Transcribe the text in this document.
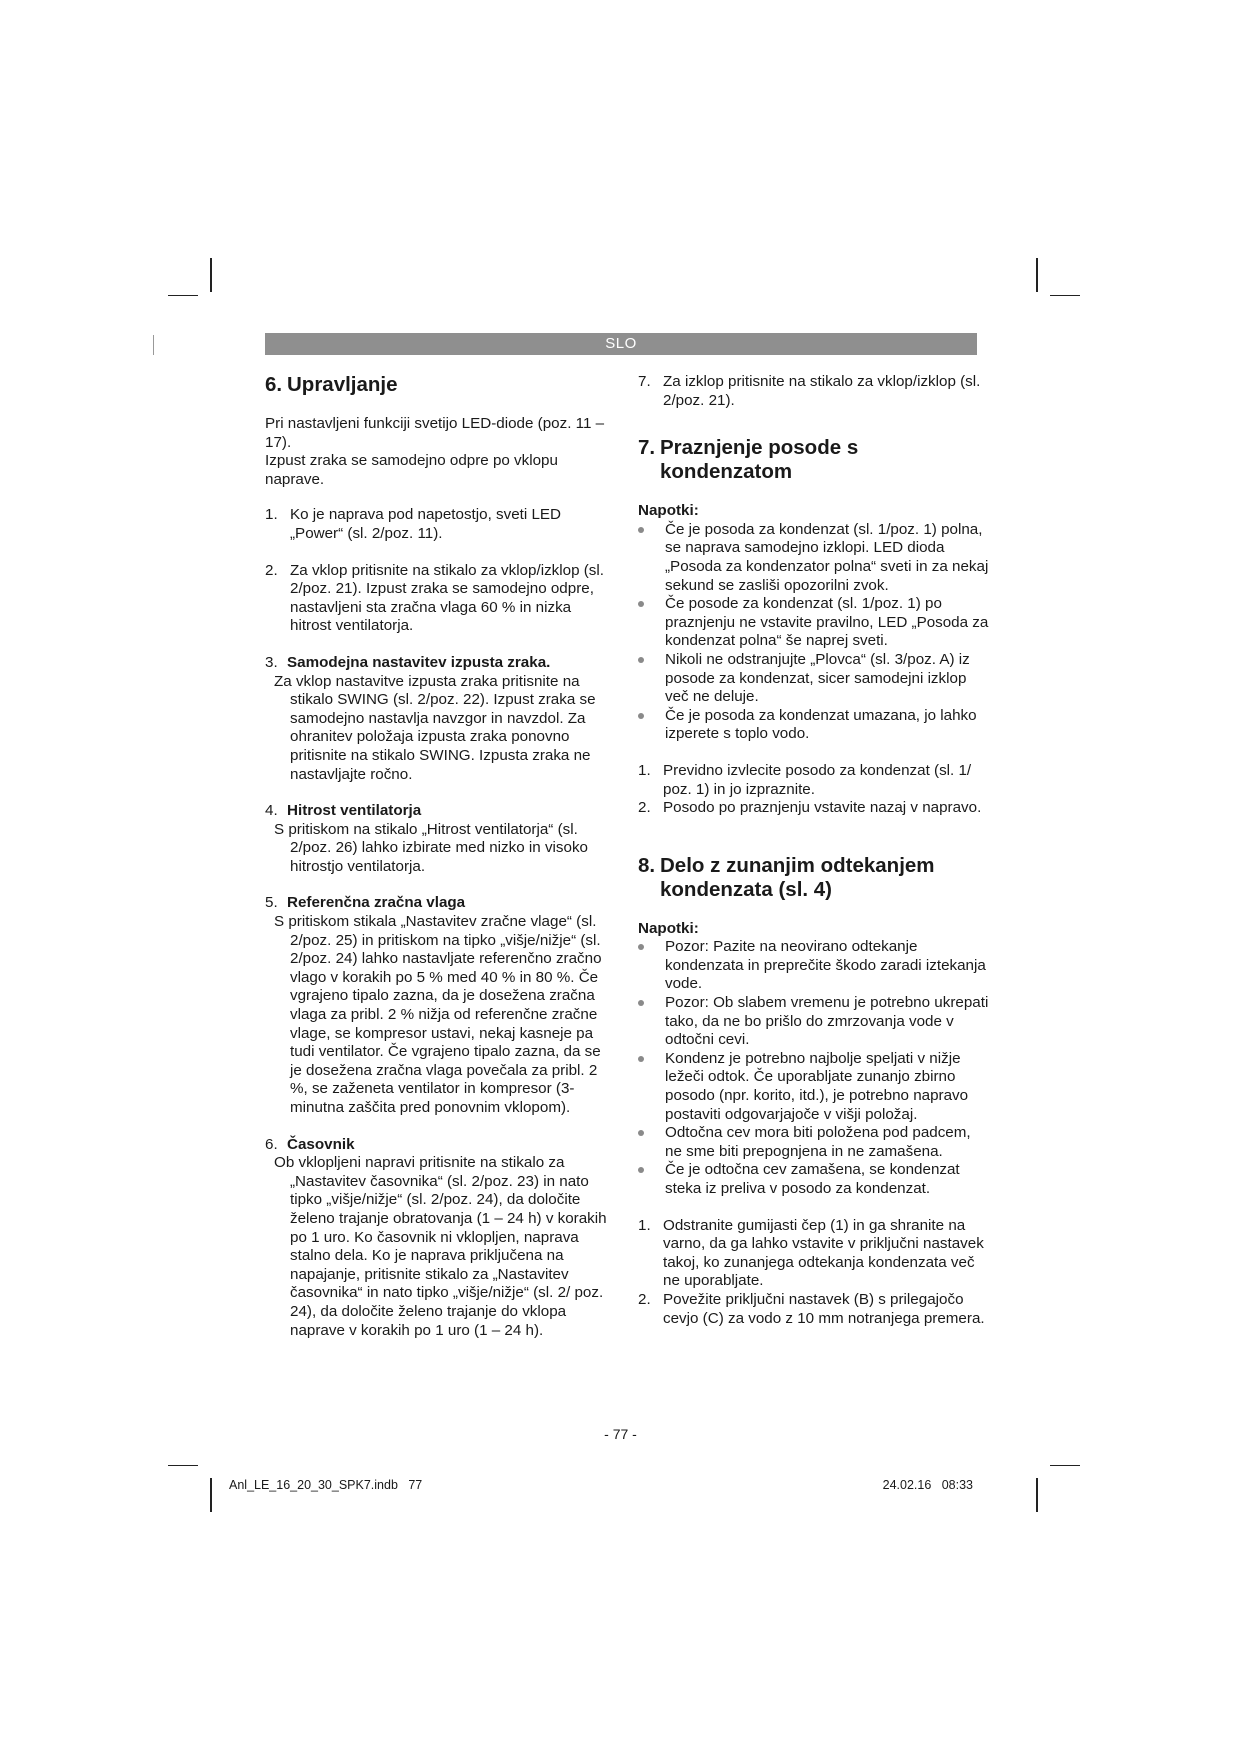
SLO
6. Upravljanje

Pri nastavljeni funkciji svetijo LED-diode (poz. 11 – 17).

Izpust zraka se samodejno odpre po vklopu naprave.

1. Ko je naprava pod napetostjo, sveti LED „Power“ (sl. 2/poz. 11).
2. Za vklop pritisnite na stikalo za vklop/izklop (sl. 2/poz. 21). Izpust zraka se samodejno odpre, nastavljeni sta zračna vlaga 60 % in nizka hitrost ventilatorja.
3. Samodejna nastavitev izpusta zraka.
Za vklop nastavitve izpusta zraka pritisnite na stikalo SWING (sl. 2/poz. 22). Izpust zraka se samodejno nastavlja navzgor in navzdol. Za ohranitev položaja izpusta zraka ponovno pritisnite na stikalo SWING. Izpusta zraka ne nastavljajte ročno.
4. Hitrost ventilatorja
S pritiskom na stikalo „Hitrost ventilatorja“ (sl. 2/poz. 26) lahko izbirate med nizko in visoko hitrostjo ventilatorja.
5. Referenčna zračna vlaga
S pritiskom stikala „Nastavitev zračne vlage“ (sl. 2/poz. 25) in pritiskom na tipko „višje/nižje“ (sl. 2/poz. 24) lahko nastavljate referenčno zračno vlago v korakih po 5 % med 40 % in 80 %. Če vgrajeno tipalo zazna, da je dosežena zračna vlaga za pribl. 2 % nižja od referenčne zračne vlage, se kompresor ustavi, nekaj kasneje pa tudi ventilator. Če vgrajeno tipalo zazna, da se je dosežena zračna vlaga povečala za pribl. 2 %, se zaženeta ventilator in kompresor (3-minutna zaščita pred ponovnim vklopom).
6. Časovnik
Ob vklopljeni napravi pritisnite na stikalo za „Nastavitev časovnika“ (sl. 2/poz. 23) in nato tipko „višje/nižje“ (sl. 2/poz. 24), da določite želeno trajanje obratovanja (1 – 24 h) v korakih po 1 uro. Ko časovnik ni vklopljen, naprava stalno dela. Ko je naprava priključena na napajanje, pritisnite stikalo za „Nastavitev časovnika“ in nato tipko „višje/nižje“ (sl. 2/ poz. 24), da določite želeno trajanje do vklopa naprave v korakih po 1 uro (1 – 24 h).
7. Za izklop pritisnite na stikalo za vklop/izklop (sl. 2/poz. 21).
7. Praznjenje posode s
kondenzatom

Napotki:

Če je posoda za kondenzat (sl. 1/poz. 1) polna, se naprava samodejno izklopi. LED dioda „Posoda za kondenzator polna“ sveti in za nekaj sekund se zasliši opozorilni zvok.
Če posode za kondenzat (sl. 1/poz. 1) po praznjenju ne vstavite pravilno, LED „Posoda za kondenzat polna“ še naprej sveti.
Nikoli ne odstranjujte „Plovca“ (sl. 3/poz. A) iz posode za kondenzat, sicer samodejni izklop več ne deluje.
Če je posoda za kondenzat umazana, jo lahko izperete s toplo vodo.
1. Previdno izvlecite posodo za kondenzat (sl. 1/ poz. 1) in jo izpraznite.
2. Posodo po praznjenju vstavite nazaj v napravo.
8. Delo z zunanjim odtekanjem
kondenzata (sl. 4)

Napotki:

Pozor: Pazite na neovirano odtekanje kondenzata in preprečite škodo zaradi iztekanja vode.
Pozor: Ob slabem vremenu je potrebno ukrepati tako, da ne bo prišlo do zmrzovanja vode v odtočni cevi.
Kondenz je potrebno najbolje speljati v nižje ležeči odtok. Če uporabljate zunanjo zbirno posodo (npr. korito, itd.), je potrebno napravo postaviti odgovarjajoče v višji položaj.
Odtočna cev mora biti položena pod padcem, ne sme biti prepognjena in ne zamašena.
Če je odtočna cev zamašena, se kondenzat steka iz preliva v posodo za kondenzat.
1. Odstranite gumijasti čep (1) in ga shranite na varno, da ga lahko vstavite v priključni nastavek takoj, ko zunanjega odtekanja kondenzata več ne uporabljate.
2. Povežite priključni nastavek (B) s prilegajočo cevjo (C) za vodo z 10 mm notranjega premera.
- 77 -
Anl_LE_16_20_30_SPK7.indb   77	24.02.16   08:33
